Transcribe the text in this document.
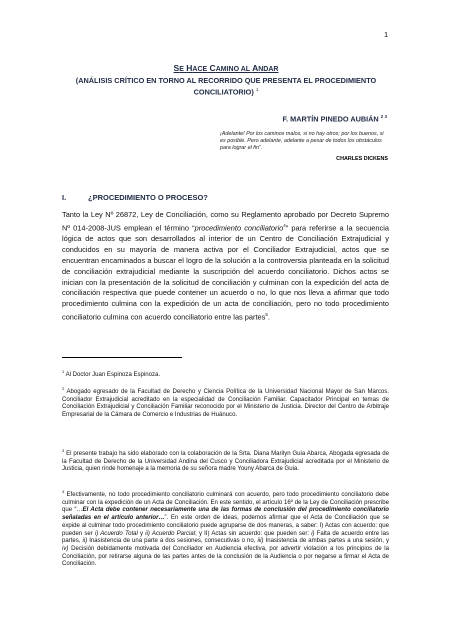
1
SE HACE CAMINO AL ANDAR
(ANÁLISIS CRÍTICO EN TORNO AL RECORRIDO QUE PRESENTA EL PROCEDIMIENTO CONCILIATORIO) $^1$
F. MARTÍN PINEDO AUBIÁN $^{2 3}$
¡Adelante! Por los caminos malos, si no hay otros; por los buenos, si es posible. Pero adelante, adelante a pesar de todos los obstáculos para lograr el fin”.
CHARLES DICKENS
I.	¿PROCEDIMIENTO O PROCESO?
Tanto la Ley Nº 26872, Ley de Conciliación, como su Reglamento aprobado por Decreto Supremo Nº 014-2008-JUS emplean el término “procedimiento conciliatorio$^4$” para referirse a la secuencia lógica de actos que son desarrollados al interior de un Centro de Conciliación Extrajudicial y conducidos en su mayoría de manera activa por el Conciliador Extrajudicial, actos que se encuentran encaminados a buscar el logro de la solución a la controversia planteada en la solicitud de conciliación extrajudicial mediante la suscripción del acuerdo conciliatorio. Dichos actos se inician con la presentación de la solicitud de conciliación y culminan con la expedición del acta de conciliación respectiva que puede contener un acuerdo o no, lo que nos lleva a afirmar que todo procedimiento culmina con la expedición de un acta de conciliación, pero no todo procedimiento conciliatorio culmina con acuerdo conciliatorio entre las partes$^5$.
$^1$ Al Doctor Juan Espinoza Espinoza.
$^2$ Abogado egresado de la Facultad de Derecho y Ciencia Política de la Universidad Nacional Mayor de San Marcos. Conciliador Extrajudicial acreditado en la especialidad de Conciliación Familiar. Capacitador Principal en temas de Conciliación Extrajudicial y Conciliación Familiar reconocido por el Ministerio de Justicia. Director del Centro de Arbitraje Empresarial de la Cámara de Comercio e Industrias de Huánuco.
$^3$ El presente trabajo ha sido elaborado con la colaboración de la Srta. Diana Marilyn Guia Abarca, Abogada egresada de la Facultad de Derecho de la Universidad Andina del Cusco y Conciliadora Extrajudicial acreditada por el Ministerio de Justicia, quien rinde homenaje a la memoria de su señora madre Youny Abarca de Guia.
$^4$ Efectivamente, no todo procedimiento conciliatorio culminará con acuerdo, pero todo procedimiento conciliatorio debe culminar con la expedición de un Acta de Conciliación. En este sentido, el artículo 16º de la Ley de Conciliación prescribe que “…El Acta debe contener necesariamente una de las formas de conclusión del procedimiento conciliatorio señaladas en el artículo anterior…”. En este orden de ideas, podemos afirmar que el Acta de Conciliación que se expide al culminar todo procedimiento conciliatorio puede agruparse de dos maneras, a saber: I) Actas con acuerdo: que pueden ser i) Acuerdo Total y ii) Acuerdo Parcial; y II) Actas sin acuerdo: que pueden ser: i) Falta de acuerdo entre las partes, ii) Inasistencia de una parte a dos sesiones, consecutivas o no, iii) Inasistencia de ambas partes a una sesión, y iv) Decisión debidamente motivada del Conciliador en Audiencia efectiva, por advertir violación a los principios de la Conciliación, por retirarse alguna de las partes antes de la conclusión de la Audiencia o por negarse a firmar el Acta de Conciliación.
